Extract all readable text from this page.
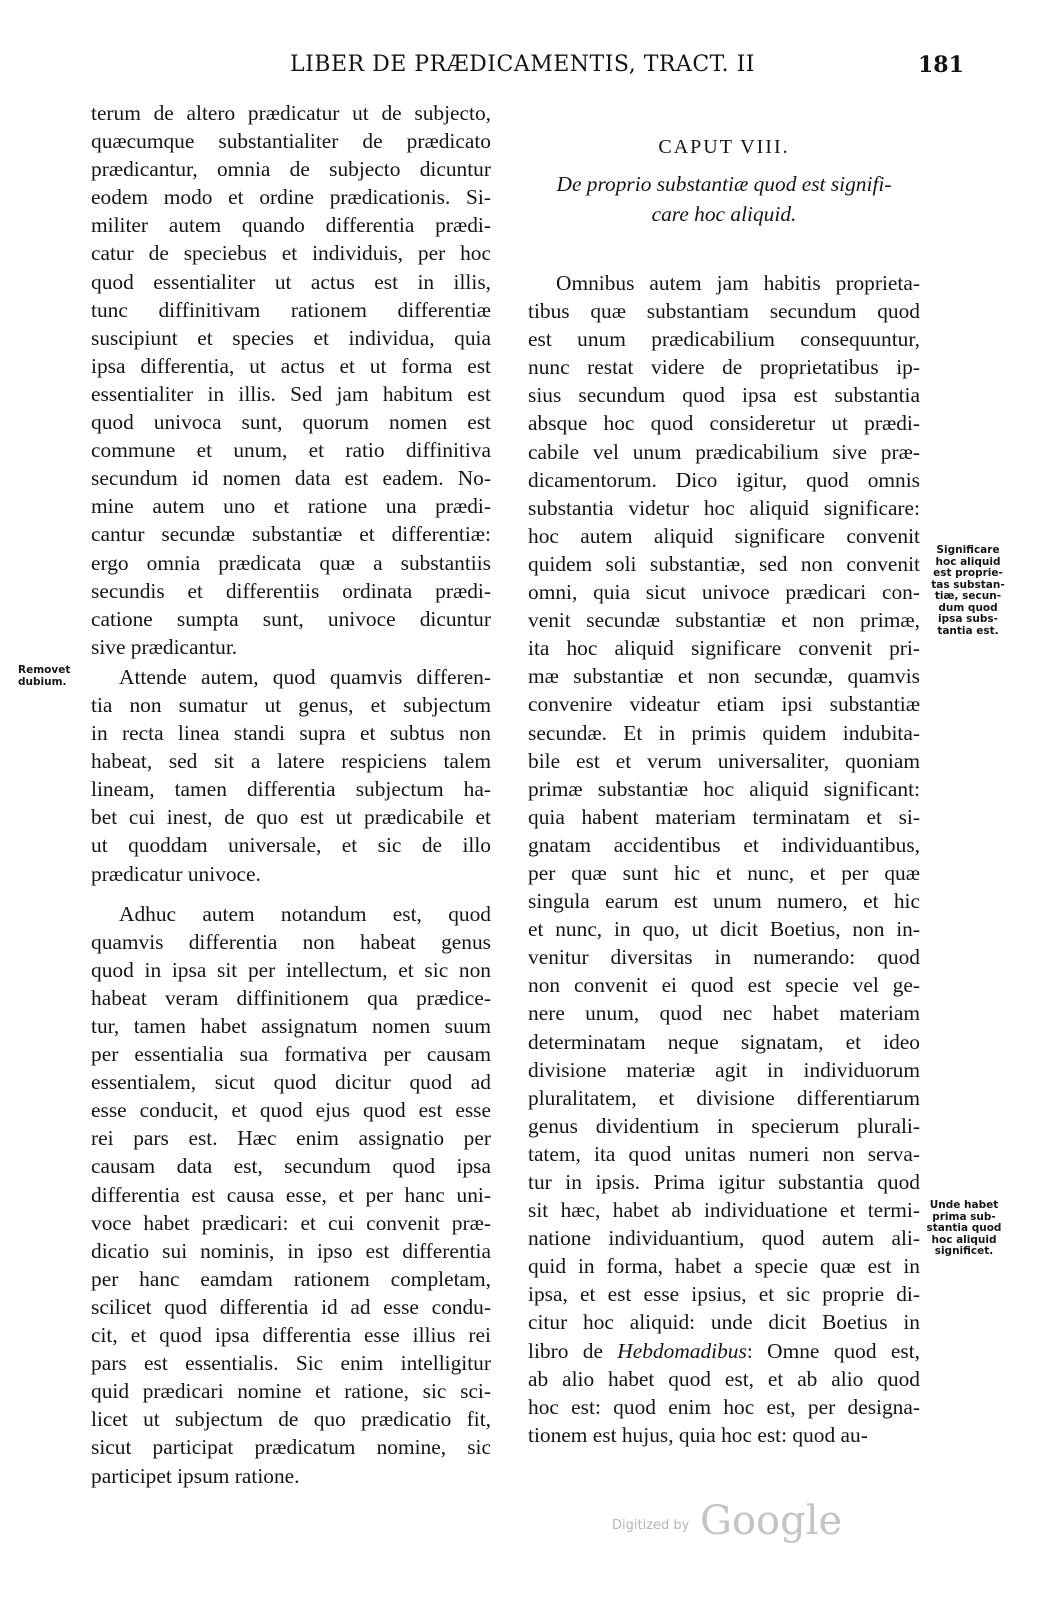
LIBER DE PRÆDICAMENTIS, TRACT. II	181
terum de altero prædicatur ut de subjecto,
quæcumque substantialiter de prædicato
prædicantur, omnia de subjecto dicuntur
eodem modo et ordine prædicationis. Si-
militer autem quando differentia prædi-
catur de speciebus et individuis, per hoc
quod essentialiter ut actus est in illis,
tunc diffinitivam rationem differentiæ
suscipiunt et species et individua, quia
ipsa differentia, ut actus et ut forma est
essentialiter in illis. Sed jam habitum est
quod univoca sunt, quorum nomen est
commune et unum, et ratio diffinitiva
secundum id nomen data est eadem. No-
mine autem uno et ratione una prædi-
cantur secundæ substantiæ et differentiæ:
ergo omnia prædicata quæ a substantiis
secundis et differentiis ordinata prædi-
catione sumpta sunt, univoce dicuntur
sive prædicantur.
Attende autem, quod quamvis differen-
tia non sumatur ut genus, et subjectum
in recta linea standi supra et subtus non
habeat, sed sit a latere respiciens talem
lineam, tamen differentia subjectum ha-
bet cui inest, de quo est ut prædicabile et
ut quoddam universale, et sic de illo
prædicatur univoce.
Adhuc autem notandum est, quod
quamvis differentia non habeat genus
quod in ipsa sit per intellectum, et sic non
habeat veram diffinitionem qua prædice-
tur, tamen habet assignatum nomen suum
per essentialia sua formativa per causam
essentialem, sicut quod dicitur quod ad
esse conducit, et quod ejus quod est esse
rei pars est. Hæc enim assignatio per
causam data est, secundum quod ipsa
differentia est causa esse, et per hanc uni-
voce habet prædicari: et cui convenit præ-
dicatio sui nominis, in ipso est differentia
per hanc eamdam rationem completam,
scilicet quod differentia id ad esse condu-
cit, et quod ipsa differentia esse illius rei
pars est essentialis. Sic enim intelligitur
quid prædicari nomine et ratione, sic sci-
licet ut subjectum de quo prædicatio fit,
sicut participat prædicatum nomine, sic
participet ipsum ratione.
CAPUT VIII.
De proprio substantiæ quod est signifi-
care hoc aliquid.
Omnibus autem jam habitis proprieta-
tibus quæ substantiam secundum quod
est unum prædicabilium consequuntur,
nunc restat videre de proprietatibus ip-
sius secundum quod ipsa est substantia
absque hoc quod consideretur ut prædi-
cabile vel unum prædicabilium sive præ-
dicamentorum. Dico igitur, quod omnis
substantia videtur hoc aliquid significare:
hoc autem aliquid significare convenit
quidem soli substantiæ, sed non convenit
omni, quia sicut univoce prædicari con-
venit secundæ substantiæ et non primæ,
ita hoc aliquid significare convenit pri-
mæ substantiæ et non secundæ, quamvis
convenire videatur etiam ipsi substantiæ
secundæ. Et in primis quidem indubita-
bile est et verum universaliter, quoniam
primæ substantiæ hoc aliquid significant:
quia habent materiam terminatam et si-
gnatam accidentibus et individuantibus,
per quæ sunt hic et nunc, et per quæ
singula earum est unum numero, et hic
et nunc, in quo, ut dicit Boetius, non in-
venitur diversitas in numerando: quod
non convenit ei quod est specie vel ge-
nere unum, quod nec habet materiam
determinatam neque signatam, et ideo
divisione materiæ agit in individuorum
pluralitatem, et divisione differentiarum
genus dividentium in specierum plurali-
tatem, ita quod unitas numeri non serva-
tur in ipsis. Prima igitur substantia quod
sit hæc, habet ab individuatione et termi-
natione individuantium, quod autem ali-
quid in forma, habet a specie quæ est in
ipsa, et est esse ipsius, et sic proprie di-
citur hoc aliquid: unde dicit Boetius in
libro de Hebdomadibus: Omne quod est,
ab alio habet quod est, et ab alio quod
hoc est: quod enim hoc est, per designa-
tionem est hujus, quia hoc est: quod au-
Removet
dubium.
Significare
hoc aliquid
est proprie-
tas substan-
tiæ, secun-
dum quod
ipsa subs-
tantia est.
Unde habet
prima sub-
stantia quod
hoc aliquid
significet.
Digitized by Google
